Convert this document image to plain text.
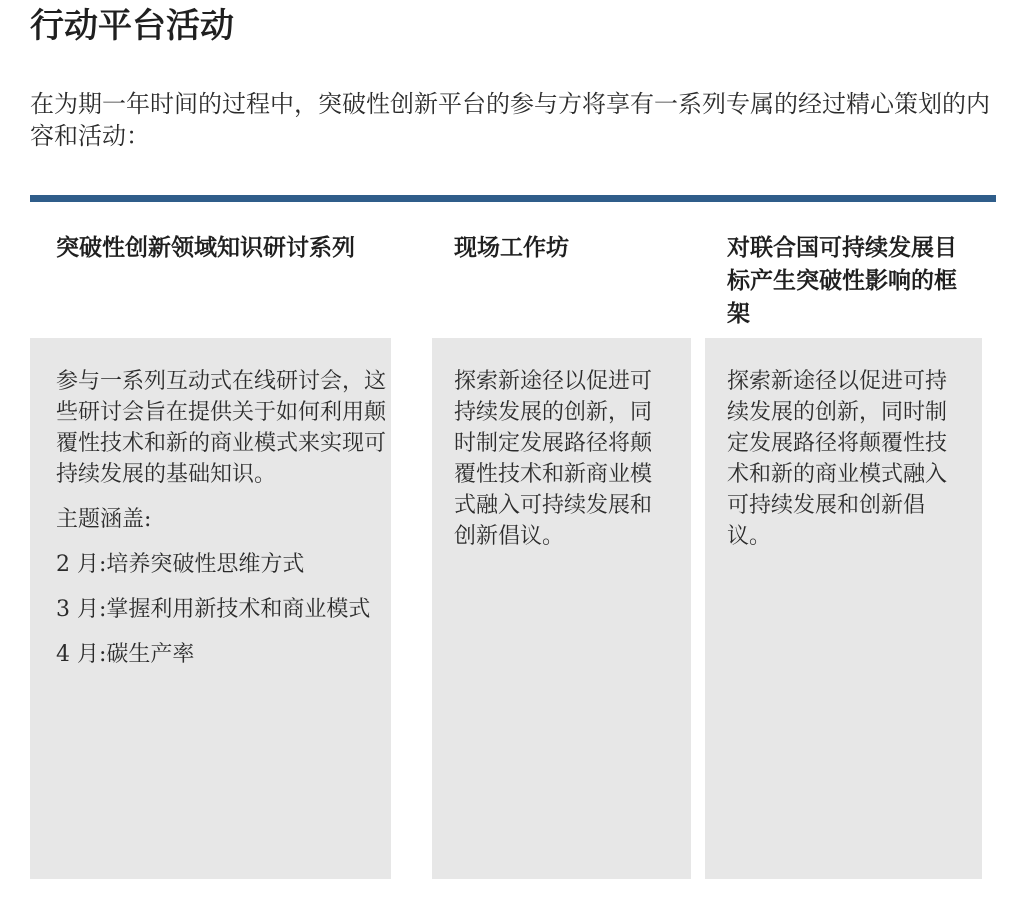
行动平台活动

在为期一年时间的过程中，突破性创新平台的参与方将享有一系列专属的经过精心策划的内容和活动：

突破性创新领域知识研讨系列

参与一系列互动式在线研讨会，这些研讨会旨在提供关于如何利用颠覆性技术和新的商业模式来实现可持续发展的基础知识。

主题涵盖:

2 月:培养突破性思维方式

3 月:掌握利用新技术和商业模式

4 月:碳生产率

现场工作坊

探索新途径以促进可持续发展的创新，同时制定发展路径将颠覆性技术和新商业模式融入可持续发展和创新倡议。

对联合国可持续发展目标产生突破性影响的框架

探索新途径以促进可持续发展的创新，同时制定发展路径将颠覆性技术和新的商业模式融入可持续发展和创新倡议。
